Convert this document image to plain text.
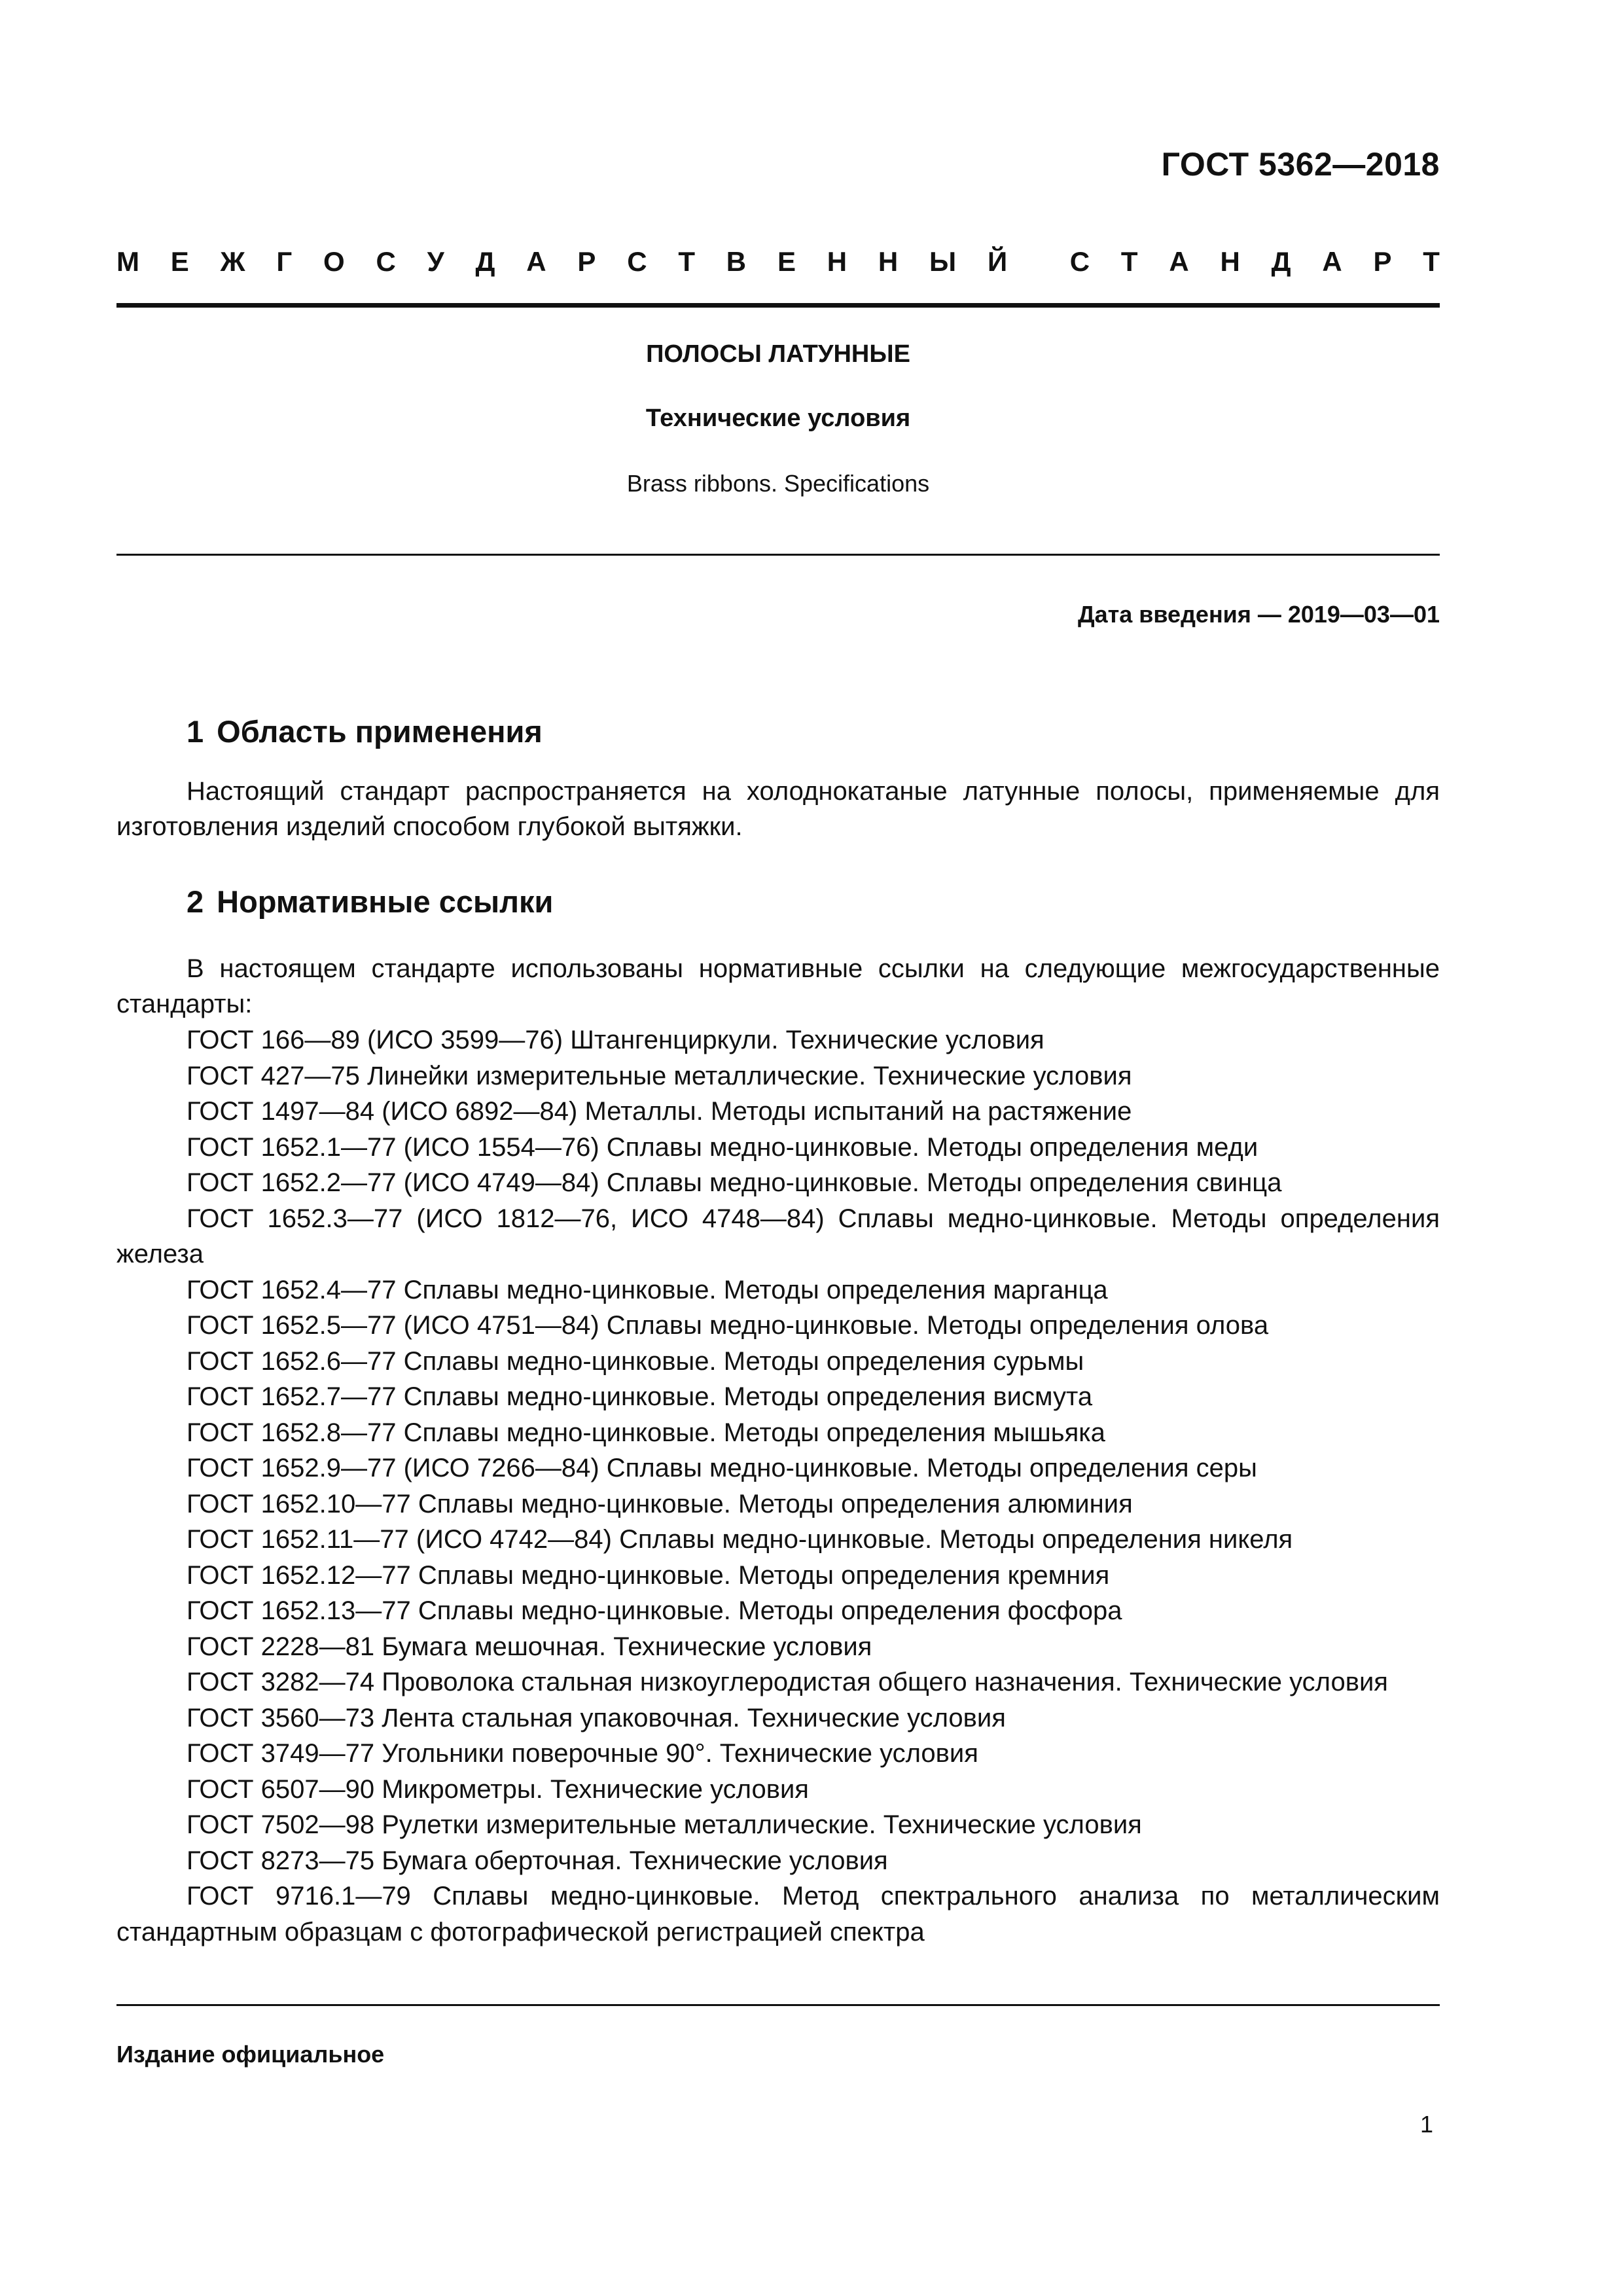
ГОСТ 5362—2018
М Е Ж Г О С У Д А Р С Т В Е Н Н Ы Й С Т А Н Д А Р Т
ПОЛОСЫ ЛАТУННЫЕ
Технические условия
Brass ribbons. Specifications
Дата введения — 2019—03—01
1 Область применения

Настоящий стандарт распространяется на холоднокатаные латунные полосы, применяемые для изготовления изделий способом глубокой вытяжки.

2 Нормативные ссылки

В настоящем стандарте использованы нормативные ссылки на следующие межгосударственные стандарты:

ГОСТ 166—89 (ИСО 3599—76) Штангенциркули. Технические условия

ГОСТ 427—75 Линейки измерительные металлические. Технические условия

ГОСТ 1497—84 (ИСО 6892—84) Металлы. Методы испытаний на растяжение

ГОСТ 1652.1—77 (ИСО 1554—76) Сплавы медно-цинковые. Методы определения меди

ГОСТ 1652.2—77 (ИСО 4749—84) Сплавы медно-цинковые. Методы определения свинца

ГОСТ 1652.3—77 (ИСО 1812—76, ИСО 4748—84) Сплавы медно-цинковые. Методы определения железа

ГОСТ 1652.4—77 Сплавы медно-цинковые. Методы определения марганца

ГОСТ 1652.5—77 (ИСО 4751—84) Сплавы медно-цинковые. Методы определения олова

ГОСТ 1652.6—77 Сплавы медно-цинковые. Методы определения сурьмы

ГОСТ 1652.7—77 Сплавы медно-цинковые. Методы определения висмута

ГОСТ 1652.8—77 Сплавы медно-цинковые. Методы определения мышьяка

ГОСТ 1652.9—77 (ИСО 7266—84) Сплавы медно-цинковые. Методы определения серы

ГОСТ 1652.10—77 Сплавы медно-цинковые. Методы определения алюминия

ГОСТ 1652.11—77 (ИСО 4742—84) Сплавы медно-цинковые. Методы определения никеля

ГОСТ 1652.12—77 Сплавы медно-цинковые. Методы определения кремния

ГОСТ 1652.13—77 Сплавы медно-цинковые. Методы определения фосфора

ГОСТ 2228—81 Бумага мешочная. Технические условия

ГОСТ 3282—74 Проволока стальная низкоуглеродистая общего назначения. Технические условия

ГОСТ 3560—73 Лента стальная упаковочная. Технические условия

ГОСТ 3749—77 Угольники поверочные 90°. Технические условия

ГОСТ 6507—90 Микрометры. Технические условия

ГОСТ 7502—98 Рулетки измерительные металлические. Технические условия

ГОСТ 8273—75 Бумага оберточная. Технические условия

ГОСТ 9716.1—79 Сплавы медно-цинковые. Метод спектрального анализа по металлическим стандартным образцам с фотографической регистрацией спектра

Издание официальное
1
